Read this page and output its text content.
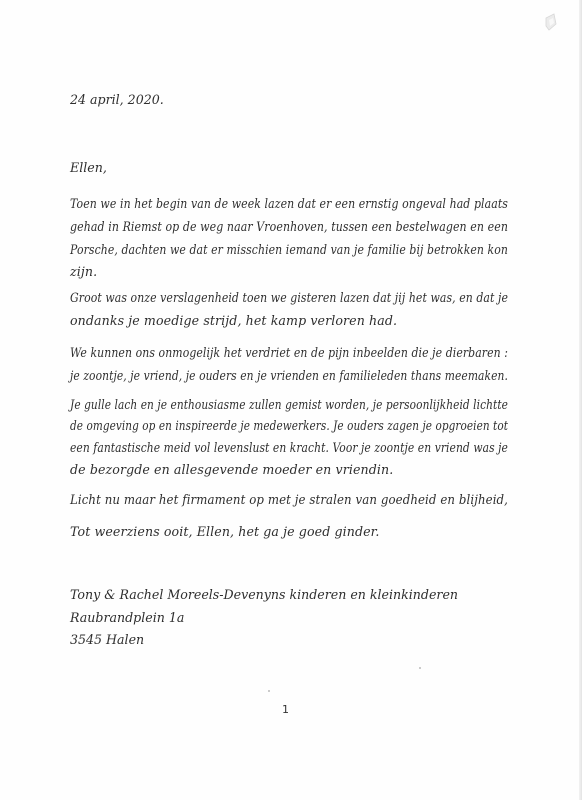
24 april, 2020.
Ellen,
Toen we in het begin van de week lazen dat er een ernstig ongeval had plaats
gehad in Riemst op de weg naar Vroenhoven, tussen een bestelwagen en een
Porsche, dachten we dat er misschien iemand van je familie bij betrokken kon
zijn.
Groot was onze verslagenheid toen we gisteren lazen dat jij het was, en dat je
ondanks je moedige strijd, het kamp verloren had.
We kunnen ons onmogelijk het verdriet en de pijn inbeelden die je dierbaren :
je zoontje, je vriend, je ouders en je vrienden en familieleden thans meemaken.
Je gulle lach en je enthousiasme zullen gemist worden, je persoonlijkheid lichtte
de omgeving op en inspireerde je medewerkers. Je ouders zagen je opgroeien tot
een fantastische meid vol levenslust en kracht. Voor je zoontje en vriend was je
de bezorgde en allesgevende moeder en vriendin.
Licht nu maar het firmament op met je stralen van goedheid en blijheid,
Tot weerziens ooit, Ellen, het ga je goed ginder.
Tony & Rachel Moreels-Devenyns kinderen en kleinkinderen
Raubrandplein 1a
3545 Halen
1
